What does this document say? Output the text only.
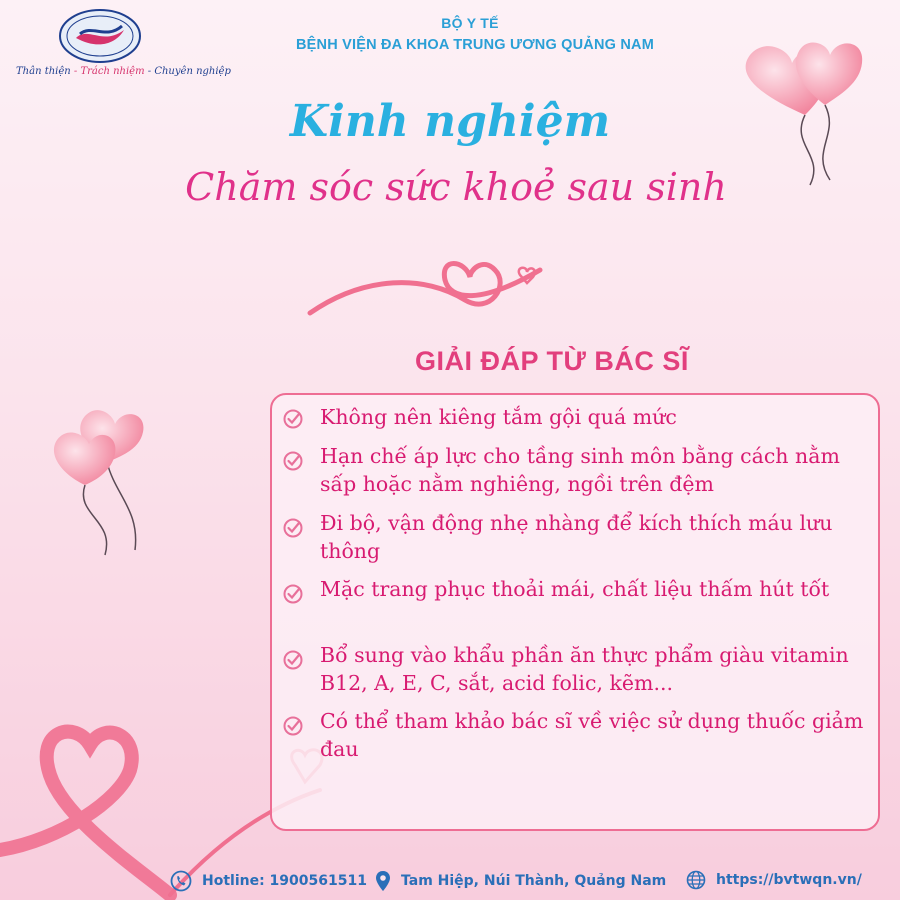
Thân thiện - Trách nhiệm - Chuyên nghiệp
BỘ Y TẾ
BỆNH VIỆN ĐA KHOA TRUNG ƯƠNG QUẢNG NAM
Kinh nghiệm
Chăm sóc sức khoẻ sau sinh
GIẢI ĐÁP TỪ BÁC SĨ
Không nên kiêng tắm gội quá mức
Hạn chế áp lực cho tầng sinh môn bằng cách nằm sấp hoặc nằm nghiêng, ngồi trên đệm
Đi bộ, vận động nhẹ nhàng để kích thích máu lưu thông
Mặc trang phục thoải mái, chất liệu thấm hút tốt
Bổ sung vào khẩu phần ăn thực phẩm giàu vitamin B12, A, E, C, sắt, acid folic, kẽm...
Có thể tham khảo bác sĩ về việc sử dụng thuốc giảm đau
Hotline: 1900561511 Tam Hiệp, Núi Thành, Quảng Nam	https://bvtwqn.vn/
